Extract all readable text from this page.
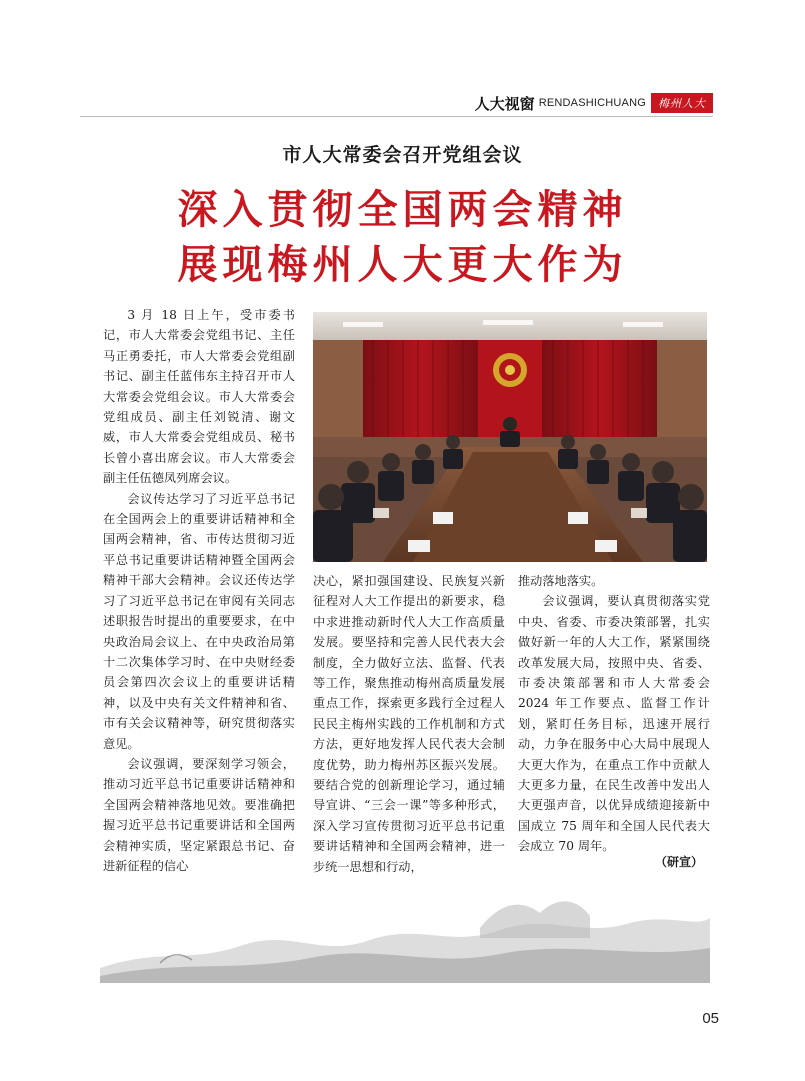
人大视窗 RENDASHICHUANG	梅州人大
市人大常委会召开党组会议
深入贯彻全国两会精神
展现梅州人大更大作为

3 月 18 日上午，受市委书记，市人大常委会党组书记、主任马正勇委托，市人大常委会党组副书记、副主任蓝伟东主持召开市人大常委会党组会议。市人大常委会党组成员、副主任刘锐清、谢文威，市人大常委会党组成员、秘书长曾小喜出席会议。市人大常委会副主任伍德凤列席会议。

会议传达学习了习近平总书记在全国两会上的重要讲话精神和全国两会精神，省、市传达贯彻习近平总书记重要讲话精神暨全国两会精神干部大会精神。会议还传达学习了习近平总书记在审阅有关同志述职报告时提出的重要要求，在中央政治局会议上、在中央政治局第十二次集体学习时、在中央财经委员会第四次会议上的重要讲话精神，以及中央有关文件精神和省、市有关会议精神等，研究贯彻落实意见。

会议强调，要深刻学习领会，推动习近平总书记重要讲话精神和全国两会精神落地见效。要准确把握习近平总书记重要讲话和全国两会精神实质，坚定紧跟总书记、奋进新征程的信心

决心，紧扣强国建设、民族复兴新征程对人大工作提出的新要求，稳中求进推动新时代人大工作高质量发展。要坚持和完善人民代表大会制度，全力做好立法、监督、代表等工作，聚焦推动梅州高质量发展重点工作，探索更多践行全过程人民民主梅州实践的工作机制和方式方法，更好地发挥人民代表大会制度优势，助力梅州苏区振兴发展。要结合党的创新理论学习，通过辅导宣讲、“三会一课”等多种形式，深入学习宣传贯彻习近平总书记重要讲话精神和全国两会精神，进一步统一思想和行动，

推动落地落实。

会议强调，要认真贯彻落实党中央、省委、市委决策部署，扎实做好新一年的人大工作，紧紧围绕改革发展大局，按照中央、省委、市委决策部署和市人大常委会 2024 年工作要点、监督工作计划，紧盯任务目标，迅速开展行动，力争在服务中心大局中展现人大更大作为，在重点工作中贡献人大更多力量，在民生改善中发出人大更强声音，以优异成绩迎接新中国成立 75 周年和全国人民代表大会成立 70 周年。

（研宣）
05
